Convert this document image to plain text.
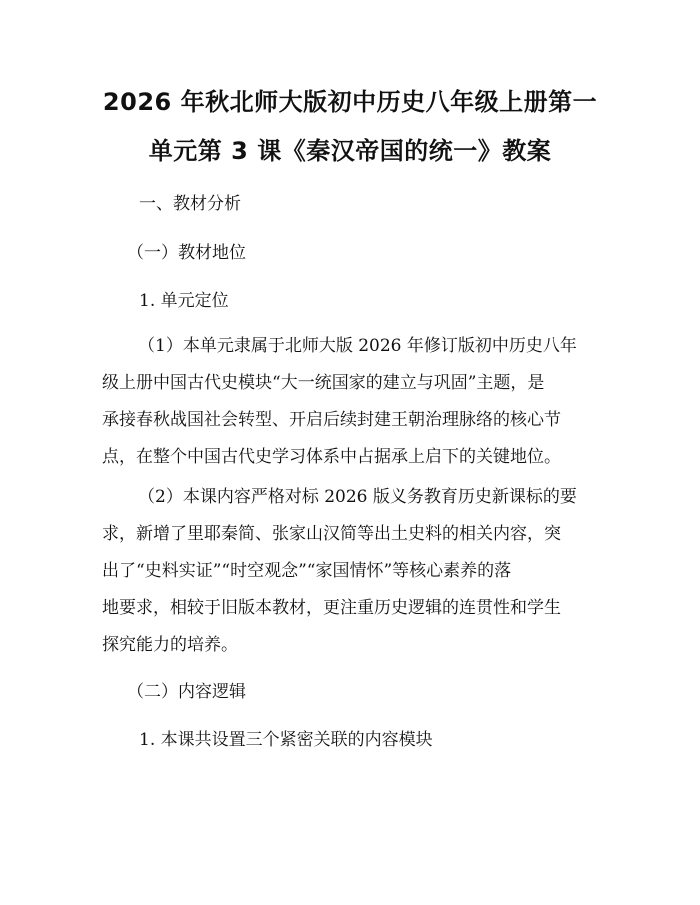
2026 年秋北师大版初中历史八年级上册第一
单元第 3 课《秦汉帝国的统一》教案

一、教材分析

（一）教材地位

1. 单元定位

（1）本单元隶属于北师大版 2026 年修订版初中历史八年
级上册中国古代史模块“大一统国家的建立与巩固”主题，是
承接春秋战国社会转型、开启后续封建王朝治理脉络的核心节
点，在整个中国古代史学习体系中占据承上启下的关键地位。
（2）本课内容严格对标 2026 版义务教育历史新课标的要
求，新增了里耶秦简、张家山汉简等出土史料的相关内容，突
出了“史料实证”“时空观念”“家国情怀”等核心素养的落
地要求，相较于旧版本教材，更注重历史逻辑的连贯性和学生
探究能力的培养。

（二）内容逻辑

1. 本课共设置三个紧密关联的内容模块
